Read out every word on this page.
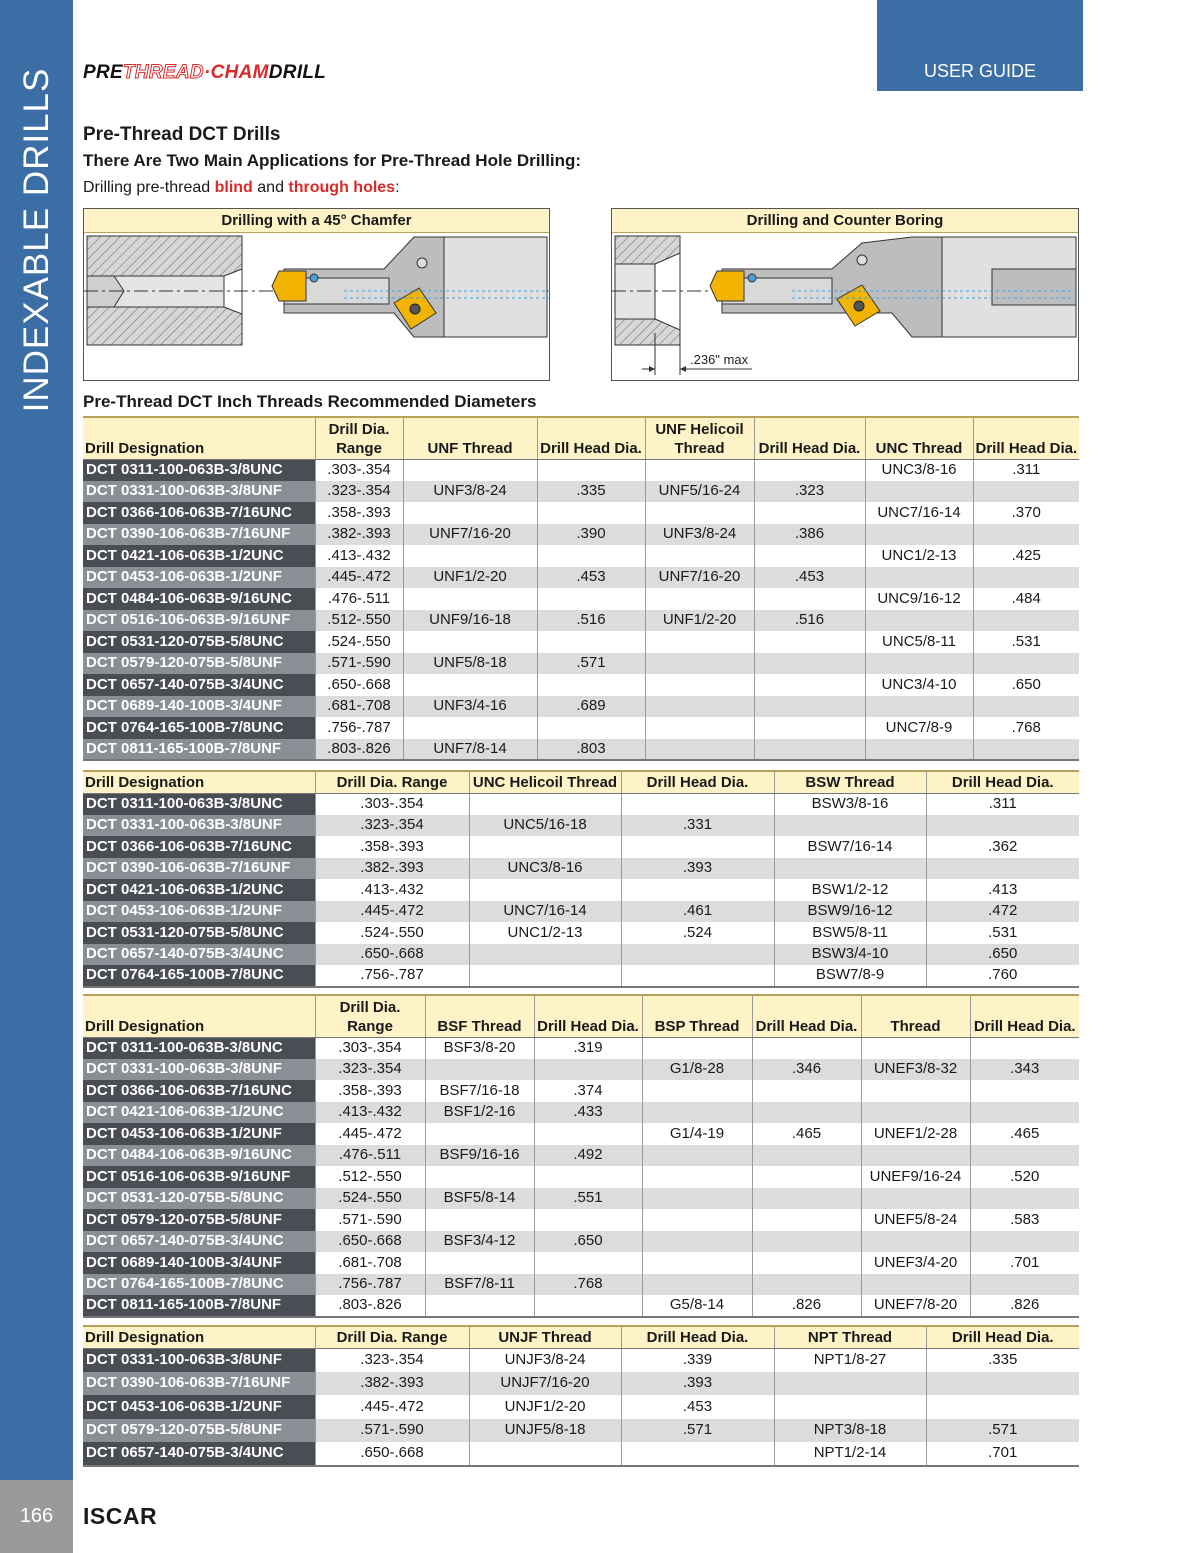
INDEXABLE DRILLS
166	ISCAR
PRETHREAD·CHAMDRILL	USER GUIDE
Pre-Thread DCT Drills
There Are Two Main Applications for Pre-Thread Hole Drilling:
Drilling pre-thread blind and through holes:
Drilling with a 45° Chamfer	Drilling and Counter Boring
.236" max
Pre-Thread DCT Inch Threads Recommended Diameters
Drill Designation	Drill Dia.
Range	UNF Thread	Drill Head Dia.	UNF Helicoil
Thread	Drill Head Dia.	UNC Thread	Drill Head Dia.
DCT 0311-100-063B-3/8UNC	.303-.354					UNC3/8-16	.311
DCT 0331-100-063B-3/8UNF	.323-.354	UNF3/8-24	.335	UNF5/16-24	.323		
DCT 0366-106-063B-7/16UNC	.358-.393					UNC7/16-14	.370
DCT 0390-106-063B-7/16UNF	.382-.393	UNF7/16-20	.390	UNF3/8-24	.386		
DCT 0421-106-063B-1/2UNC	.413-.432					UNC1/2-13	.425
DCT 0453-106-063B-1/2UNF	.445-.472	UNF1/2-20	.453	UNF7/16-20	.453		
DCT 0484-106-063B-9/16UNC	.476-.511					UNC9/16-12	.484
DCT 0516-106-063B-9/16UNF	.512-.550	UNF9/16-18	.516	UNF1/2-20	.516		
DCT 0531-120-075B-5/8UNC	.524-.550					UNC5/8-11	.531
DCT 0579-120-075B-5/8UNF	.571-.590	UNF5/8-18	.571				
DCT 0657-140-075B-3/4UNC	.650-.668					UNC3/4-10	.650
DCT 0689-140-100B-3/4UNF	.681-.708	UNF3/4-16	.689				
DCT 0764-165-100B-7/8UNC	.756-.787					UNC7/8-9	.768
DCT 0811-165-100B-7/8UNF	.803-.826	UNF7/8-14	.803				
Drill Designation	Drill Dia. Range	UNC Helicoil Thread	Drill Head Dia.	BSW Thread	Drill Head Dia.
DCT 0311-100-063B-3/8UNC	.303-.354			BSW3/8-16	.311
DCT 0331-100-063B-3/8UNF	.323-.354	UNC5/16-18	.331		
DCT 0366-106-063B-7/16UNC	.358-.393			BSW7/16-14	.362
DCT 0390-106-063B-7/16UNF	.382-.393	UNC3/8-16	.393		
DCT 0421-106-063B-1/2UNC	.413-.432			BSW1/2-12	.413
DCT 0453-106-063B-1/2UNF	.445-.472	UNC7/16-14	.461	BSW9/16-12	.472
DCT 0531-120-075B-5/8UNC	.524-.550	UNC1/2-13	.524	BSW5/8-11	.531
DCT 0657-140-075B-3/4UNC	.650-.668			BSW3/4-10	.650
DCT 0764-165-100B-7/8UNC	.756-.787			BSW7/8-9	.760
Drill Designation	Drill Dia.
Range	BSF Thread	Drill Head Dia.	BSP Thread	Drill Head Dia.	Thread	Drill Head Dia.
DCT 0311-100-063B-3/8UNC	.303-.354	BSF3/8-20	.319				
DCT 0331-100-063B-3/8UNF	.323-.354			G1/8-28	.346	UNEF3/8-32	.343
DCT 0366-106-063B-7/16UNC	.358-.393	BSF7/16-18	.374				
DCT 0421-106-063B-1/2UNC	.413-.432	BSF1/2-16	.433				
DCT 0453-106-063B-1/2UNF	.445-.472			G1/4-19	.465	UNEF1/2-28	.465
DCT 0484-106-063B-9/16UNC	.476-.511	BSF9/16-16	.492				
DCT 0516-106-063B-9/16UNF	.512-.550					UNEF9/16-24	.520
DCT 0531-120-075B-5/8UNC	.524-.550	BSF5/8-14	.551				
DCT 0579-120-075B-5/8UNF	.571-.590					UNEF5/8-24	.583
DCT 0657-140-075B-3/4UNC	.650-.668	BSF3/4-12	.650				
DCT 0689-140-100B-3/4UNF	.681-.708					UNEF3/4-20	.701
DCT 0764-165-100B-7/8UNC	.756-.787	BSF7/8-11	.768				
DCT 0811-165-100B-7/8UNF	.803-.826			G5/8-14	.826	UNEF7/8-20	.826
Drill Designation	Drill Dia. Range	UNJF Thread	Drill Head Dia.	NPT Thread	Drill Head Dia.
DCT 0331-100-063B-3/8UNF	.323-.354	UNJF3/8-24	.339	NPT1/8-27	.335
DCT 0390-106-063B-7/16UNF	.382-.393	UNJF7/16-20	.393		
DCT 0453-106-063B-1/2UNF	.445-.472	UNJF1/2-20	.453		
DCT 0579-120-075B-5/8UNF	.571-.590	UNJF5/8-18	.571	NPT3/8-18	.571
DCT 0657-140-075B-3/4UNC	.650-.668			NPT1/2-14	.701
